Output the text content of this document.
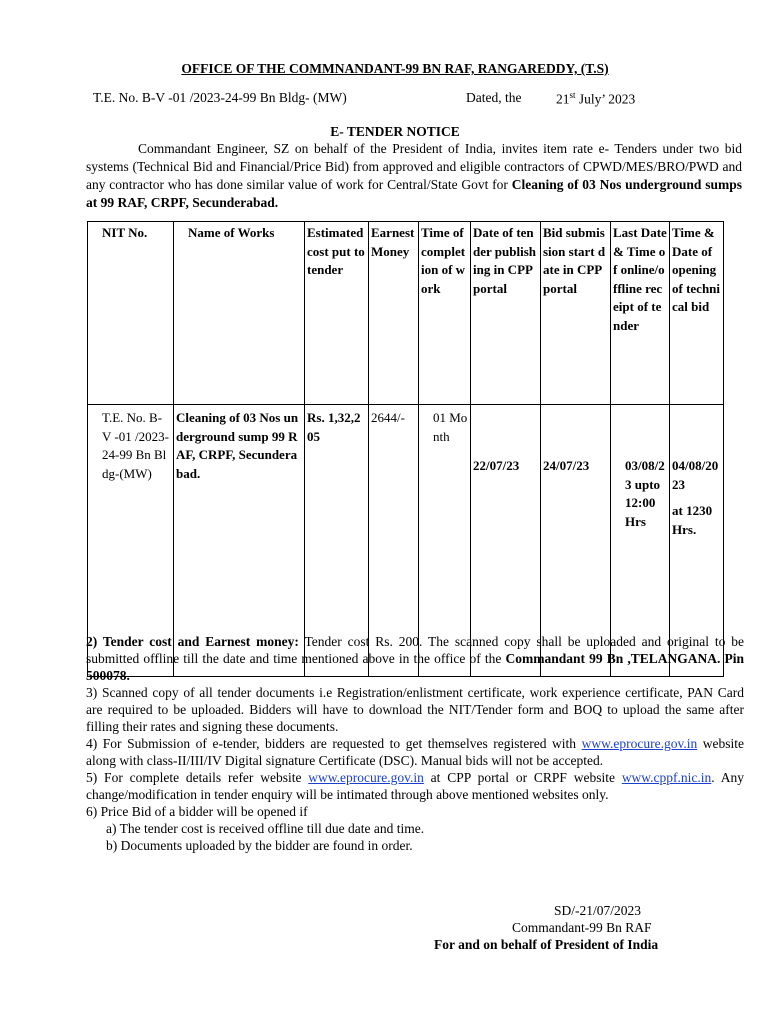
OFFICE OF THE COMMNANDANT-99 BN RAF, RANGAREDDY, (T.S)
T.E. No. B-V -01 /2023-24-99 Bn Bldg- (MW)	Dated, the	21st July’ 2023
E- TENDER NOTICE

Commandant Engineer, SZ on behalf of the President of India, invites item rate e- Tenders under two bid systems (Technical Bid and Financial/Price Bid) from approved and eligible contractors of CPWD/MES/BRO/PWD and any contractor who has done similar value of work for Central/State Govt for Cleaning of 03 Nos underground sumps at 99 RAF, CRPF, Secunderabad.

NIT No.	Name of Works	Estimated cost put to tender	Earnest Money	Time of completion of work	Date of tender publishing in CPP portal	Bid submission start date in CPP portal	Last Date & Time of online/offline receipt of tender	Time & Date of opening of technical bid
T.E. No. B-V -01 /2023-24-99 Bn Bldg-(MW)	Cleaning of 03 Nos underground sump 99 RAF, CRPF, Secunderabad.	Rs. 1,32,205	2644/-	01 Month	22/07/23	24/07/23	03/08/23 upto 12:00 Hrs	04/08/2023
at 1230 Hrs.

2) Tender cost and Earnest money: Tender cost Rs. 200. The scanned copy shall be uploaded and original to be submitted offline till the date and time mentioned above in the office of the Commandant 99 Bn ,TELANGANA. Pin 500078.

3) Scanned copy of all tender documents i.e Registration/enlistment certificate, work experience certificate, PAN Card are required to be uploaded. Bidders will have to download the NIT/Tender form and BOQ to upload the same after filling their rates and signing these documents.

4) For Submission of e-tender, bidders are requested to get themselves registered with www.eprocure.gov.in website along with class-II/III/IV Digital signature Certificate (DSC). Manual bids will not be accepted.

5) For complete details refer website www.eprocure.gov.in at CPP portal or CRPF website www.cppf.nic.in. Any change/modification in tender enquiry will be intimated through above mentioned websites only.

6) Price Bid of a bidder will be opened if

a) The tender cost is received offline till due date and time.

b) Documents uploaded by the bidder are found in order.

SD/-21/07/2023
Commandant-99 Bn RAF
For and on behalf of President of India
